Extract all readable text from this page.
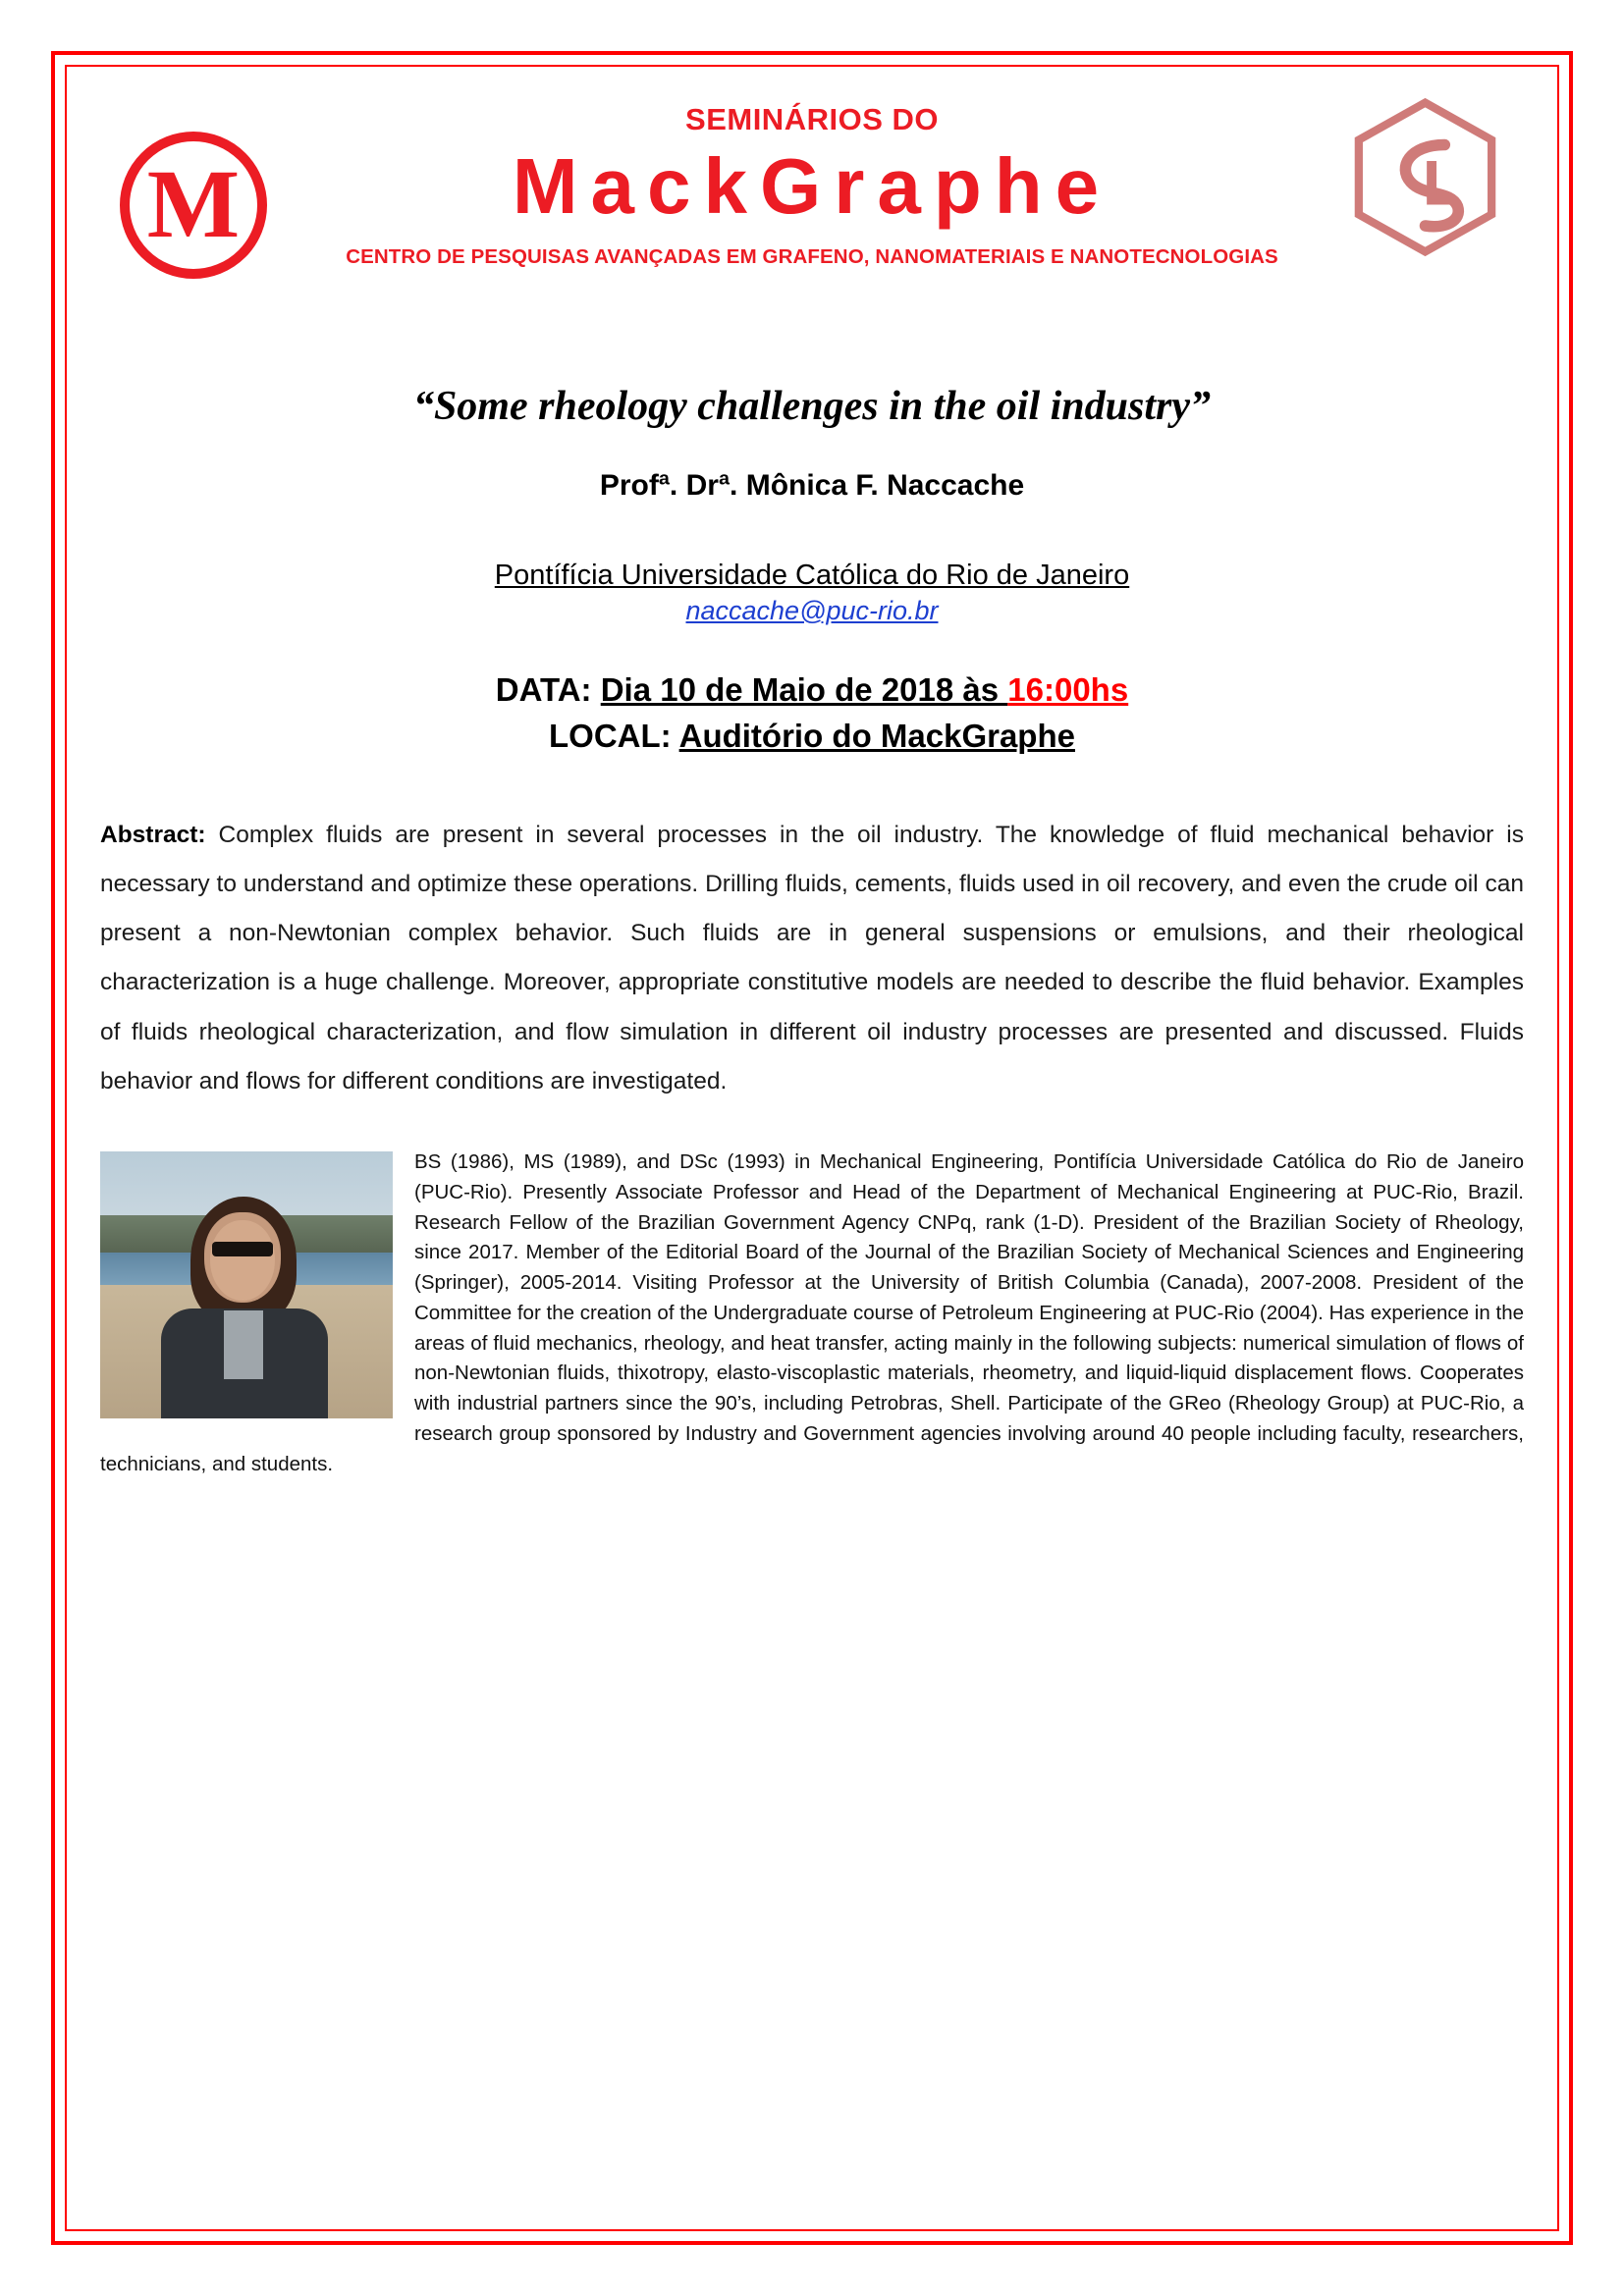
M
SEMINÁRIOS DO
MackGraphe
CENTRO DE PESQUISAS AVANÇADAS EM GRAFENO, NANOMATERIAIS E NANOTECNOLOGIAS
“Some rheology challenges in the oil industry”
Profª. Drª. Mônica F. Naccache
Pontífícia Universidade Católica do Rio de Janeiro
naccache@puc-rio.br
DATA: Dia 10 de Maio de 2018 às 16:00hs
LOCAL: Auditório do MackGraphe
Abstract: Complex fluids are present in several processes in the oil industry. The knowledge of fluid mechanical behavior is necessary to understand and optimize these operations. Drilling fluids, cements, fluids used in oil recovery, and even the crude oil can present a non-Newtonian complex behavior. Such fluids are in general suspensions or emulsions, and their rheological characterization is a huge challenge. Moreover, appropriate constitutive models are needed to describe the fluid behavior. Examples of fluids rheological characterization, and flow simulation in different oil industry processes are presented and discussed. Fluids behavior and flows for different conditions are investigated.
BS (1986), MS (1989), and DSc (1993) in Mechanical Engineering, Pontifícia Universidade Católica do Rio de Janeiro (PUC-Rio). Presently Associate Professor and Head of the Department of Mechanical Engineering at PUC-Rio, Brazil. Research Fellow of the Brazilian Government Agency CNPq, rank (1-D). President of the Brazilian Society of Rheology, since 2017. Member of the Editorial Board of the Journal of the Brazilian Society of Mechanical Sciences and Engineering (Springer), 2005-2014. Visiting Professor at the University of British Columbia (Canada), 2007-2008. President of the Committee for the creation of the Undergraduate course of Petroleum Engineering at PUC-Rio (2004). Has experience in the areas of fluid mechanics, rheology, and heat transfer, acting mainly in the following subjects: numerical simulation of flows of non-Newtonian fluids, thixotropy, elasto-viscoplastic materials, rheometry, and liquid-liquid displacement flows. Cooperates with industrial partners since the 90’s, including Petrobras, Shell. Participate of the GReo (Rheology Group) at PUC-Rio, a research group sponsored by Industry and Government agencies involving around 40 people including faculty, researchers, technicians, and students.
